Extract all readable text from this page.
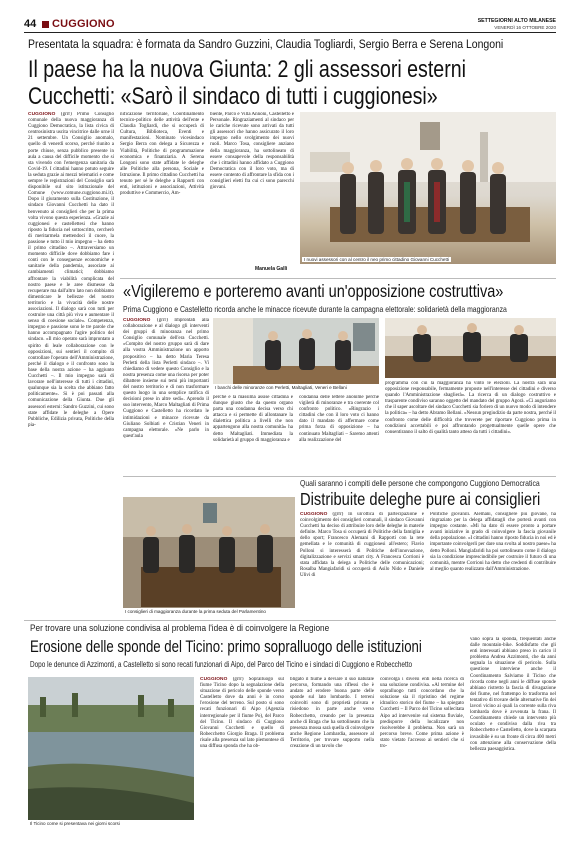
44 CUGGIONO	SETTEGIORNI ALTO MILANESE
VENERDÌ 16 OTTOBRE 2020
Presentata la squadra: è formata da Sandro Guzzini, Claudia Togliardi, Sergio Berra e Serena Longoni
Il paese ha la nuova Giunta: 2 gli assessori esterni
Cucchetti: «Sarò il sindaco di tutti i cuggionesi»
CUGGIONO (grrr) Primo Consiglio comunale della nuova maggioranza di Cuggiono Democratica, la lista civica di centrosinistra uscita vincitrice dalle urne il 21 settembre. Un Consiglio anomalo, quello di venerdì scorso, perché riunito a porte chiuse, senza pubblico presente in aula a causa del difficile momento che si sta vivendo con l'emergenza sanitaria da Covid-19. I cittadini hanno potuto seguire la seduta grazie ai mezzi telematici e come sempre le registrazioni del Consiglio sarà disponibile sul sito istituzionale del Comune (www.comune.cuggiono.mi.it). Dopo il giuramento sulla Costituzione, il sindaco Giovanni Cucchetti ha dato il benvenuto ai consiglieri che per la prima volta vivono questa esperienza. «Grazie ai cuggionesi e castellettesi che hanno riposto la fiducia nel sottoscritto, cercherò di meritarmela mettendoci il cuore, la passione e tutto il mio impegno – ha detto il primo cittadino –. Attraversiamo un momento difficile dove dobbiamo fare i conti con le conseguenze economiche e sanitarie della pandemia, associate ai cambiamenti climatici; dobbiamo affrontare la viabilità complicata del nostro paese e le aree dismesse da recuperare ma dall'altro lato non dobbiamo dimenticare le bellezze del nostro territorio e la vivacità delle nostre associazioni. Il dialogo sarà con tutti per costruire una città più viva e aumentare il senso di coesione sociale». Competenza, impegno e passione sono le tre parole che hanno accompagnato l'agire politico del sindaco. «Il mio operato sarà improntato a spirito di leale collaborazione con le opposizioni, sui sentieri il compito di controllare l'operato dell'Amministrazione, perché il dialogo e il confronto sono la base della nostra azione – ha aggiunto Cucchetti –. Il mio impegno sarà di lavorare nell'interesse di tutti i cittadini, qualunque sia la scelta che abbiano fatto politicamente». Si è poi passati alla comunicazione della Giunta. Due gli assessori esterni: Sandro Guzzini, cui sono state affidate le deleghe a Opere Pubbliche, Edilizia privata, Politiche della pia-
nificazione territoriale, Coordinamento tecnico-politico delle attività dell'ente e Claudia Togliardi, che si occuperà di Cultura, Biblioteca, Eventi e manifestazioni. Nominato vicesindaco Sergio Berra con delega a Sicurezza e Viabilità, Politiche di programmazione economica e finanziaria. A Serena Longoni sono state affidate le deleghe alle Politiche alla persona, Sociale e Istruzione. Il primo cittadino Cucchetti ha tenuto per sé le deleghe a Rapporti con enti, istituzioni e associazioni, Attività produttive e Commercio, Am-
biente, Parco e Villa Annoni, Castelletto e Personale. Ringraziamenti al sindaco per le cariche ricevute sono arrivati da tutti gli assessori che hanno assicurato il loro impegno nello svolgimento dei nuovi ruoli. Marco Tosa, consigliere anziano della maggioranza, ha sottolineato di essere consapevole della responsabilità che i cittadini hanno affidato a Cuggiono Democratica con il loro voto, ma di essere contento di affrontare la sfida con i consiglieri eletti fra cui ci sono parecchi giovani.
Manuela Galli
I nuovi assessori con al centro il neo primo cittadino Giovanni Cucchetti
«Vigileremo e porteremo avanti un'opposizione costruttiva»
Prima Cuggiono e Castelletto ricorda anche le minacce ricevute durante la campagna elettorale: solidarietà della maggioranza
CUGGIONO (grrr) Improntati alla collaborazione e al dialogo gli interventi dei gruppi di minoranza nel primo Consiglio comunale dell'era Cucchetti. «Compito del nostro gruppo sarà di dare alla vostra Amministrazione un apporto propositivo – ha detto Maria Teresa Perletti della lista Perletti sindaco –. Vi chiediamo di vedere questo Consiglio e la nostra presenza come una risorsa per poter dibattere insieme sui temi più importanti del nostro territorio e di non trasformare questo luogo in una semplice ratifica di decisioni prese in altre sedi». Aprendo il suo intervento, Marco Maltagliati di Prima Cuggiono e Castelletto ha ricordato le intimidazioni e minacce ricevute da Giuliano Solbiati e Cristian Veneri in campagna elettorale. «Ne parlo in quest'aula
I banchi delle minoranze con Perletti, Maltagliati, Veneri e Bellani
perché è la massima assise cittadina e dunque giusto che da questo organo parta una condanna decisa verso chi attacca e si permette di allontanare la dialettica politica a livelli che non appartengono alla nostra comunità» ha detto Maltagliati. Immediata la solidarietà al gruppo di maggioranza e
condanna delle lettere anonime perché vigilerà di minoranze e tra coerente col confronto politico. «Ringrazio i cittadini che con il loro voto ci hanno dato il mandato di affermare come prima forza di opposizione – ha continuato Maltagliati – Saremo attenti alla realizzazione del
programma con cui la maggioranza ha vinto le elezioni. La nostra sarà una opposizione responsabile, fermamente proposte nell'interesse dei cittadini e diverso quando l'Amministrazione sbaglierà». La ricerca di un dialogo costruttivo e trasparente condiviso saranno oggetto del mandato del gruppo Agorà. «Ci auguriamo che il saper ascoltare del sindaco Cucchetti sia foriero di un nuovo modo di intendere la politica» – ha detto Abramo Bellani. «Nessun pregiudizio da parte nostra, perché il confronto come delle difficoltà che troverete per riportare Cuggiono prima in condizioni accettabili e poi affrontando progettualmente quelle opere che consentiranno il salto di qualità tanto atteso da tutti i cittadini».
Quali saranno i compiti delle persone che compongono Cuggiono Democratica
Distribuite deleghe pure ai consiglieri
I consiglieri di maggioranza durante la prima seduta del Parlamentino
CUGGIONO (grrr) In un'ottica di partecipazione e coinvolgimento dei consiglieri comunali, il sindaco Giovanni Cucchetti ha deciso di attribuire loro delle deleghe in materie definite. Marco Tosa si occuperà di Politiche della famiglia e dello sport; Francesco Alemani di Rapporti con la rete gemellata e le comunità di cuggionesi all'estero; Flavio Polloni si interesserà di Politiche dell'innovazione, digitalizzazione e servizi smart city. A Francesca Corrioni è stata affidata la delega a Politiche delle comunicazioni; Rosalba Mangiafaridi si occuperà di Asilo Nido e Daniele Ulivi di
Politiche giovanili. Alemani, consigliere più giovane, ha ringraziato per la delega affidatagli che porterà avanti con impegno costante. «Mi ha dato di essere pronto a portare avanti iniziative in grado di coinvolgere la fascia giovanile della popolazione. «I cittadini hanno riposto fiducia in noi ed è importante coinvolgerli per dare una svolta al nostro paese» ha detto Polloni. Mangiafaridi ha poi sottolineato come il dialogo sia la condizione imprescindibile per costruire il futuro di una comunità, mentre Corrioni ha detto che credenti di contribuire al meglio quanto realizzato dall'Amministrazione.
Per trovare una soluzione condivisa al problema l'idea è di coinvolgere la Regione
Erosione delle sponde del Ticino: primo sopralluogo delle istituzioni
Dopo le denunce di Azzimonti, a Castelletto si sono recati funzionari di Aipo, del Parco del Ticino e i sindaci di Cuggiono e Robecchetto
Il Ticino come si presentava nei giorni scorsi
CUGGIONO (grrr) Sopralluogo sul fiume Ticino dopo la segnalazione della situazione di pericolo delle sponde verso Castelletto dove da anni è in corso l'erosione del terreno. Sul posto si sono recati funzionari di Aipo (Agenzia interregionale per il fiume Po), del Parco del Ticino. Il sindaco di Cuggiono Giovanni Cucchetti e quello di Robecchetto Giorgio Braga. Il problema risale alla presenza sul lato piemontese di una diffusa sponda che ha ob-
bligato il fiume a deviare il suo naturale percorso, formando una riflessi che è andato ad erodere buona parte delle sponde sul lato lombardo. I terreni coinvolti sono di proprietà privata e risiedono in parte anche verso Robecchetto, creando per la presenza anche di Braga che ha sottolineato che la presenza mossa sarà quella di coinvolgere anche Regione Lombardia, assessore al Territorio, per trovare supporto nella creazione di un tavolo che
coinvolga i diversi enti nella ricerca di una soluzione condivisa. «Al termine del sopralluogo tutti concordano che la soluzione sia il ripristino del regime idraulico storico del fiume – ha spiegato Cucchetti – Il Parco del Ticino sollecitata Aipo ad intervenire sul sistema fluviale, predisporre della localizzare non risolverebbe il problema. Non sarà un percorso breve. Come prima azione è stato vietato l'accesso ai sentieri che si tro-
vano sopra la sponda, frequentati anche dalle mountain-bike. Soddisfatto che gli enti interessati abbiano preso in carico il problema Andrea Azzimonti, che da anni segnala la situazione di pericolo. Sulla questione interviene anche il Coordinamento Salviamo il Ticino che ricorda come negli anni le diffuse sponde abbiano ristretto la fascia di divagazione del fiume, nel frattempo lo trasforma nel tentativo di trovare delle alternative fin dei lavori vicino ai quali la corrente sulla riva lombarda dove è avvenuta la frana. Il Coordinamento chiede un intervento più oculato e condiviso dalla riva tra Robecchetto e Castelletto, dove la scarpata invasibile è su un fronte di circa 400 metri con attenzione alla conservazione della bellezza paesaggistica.
